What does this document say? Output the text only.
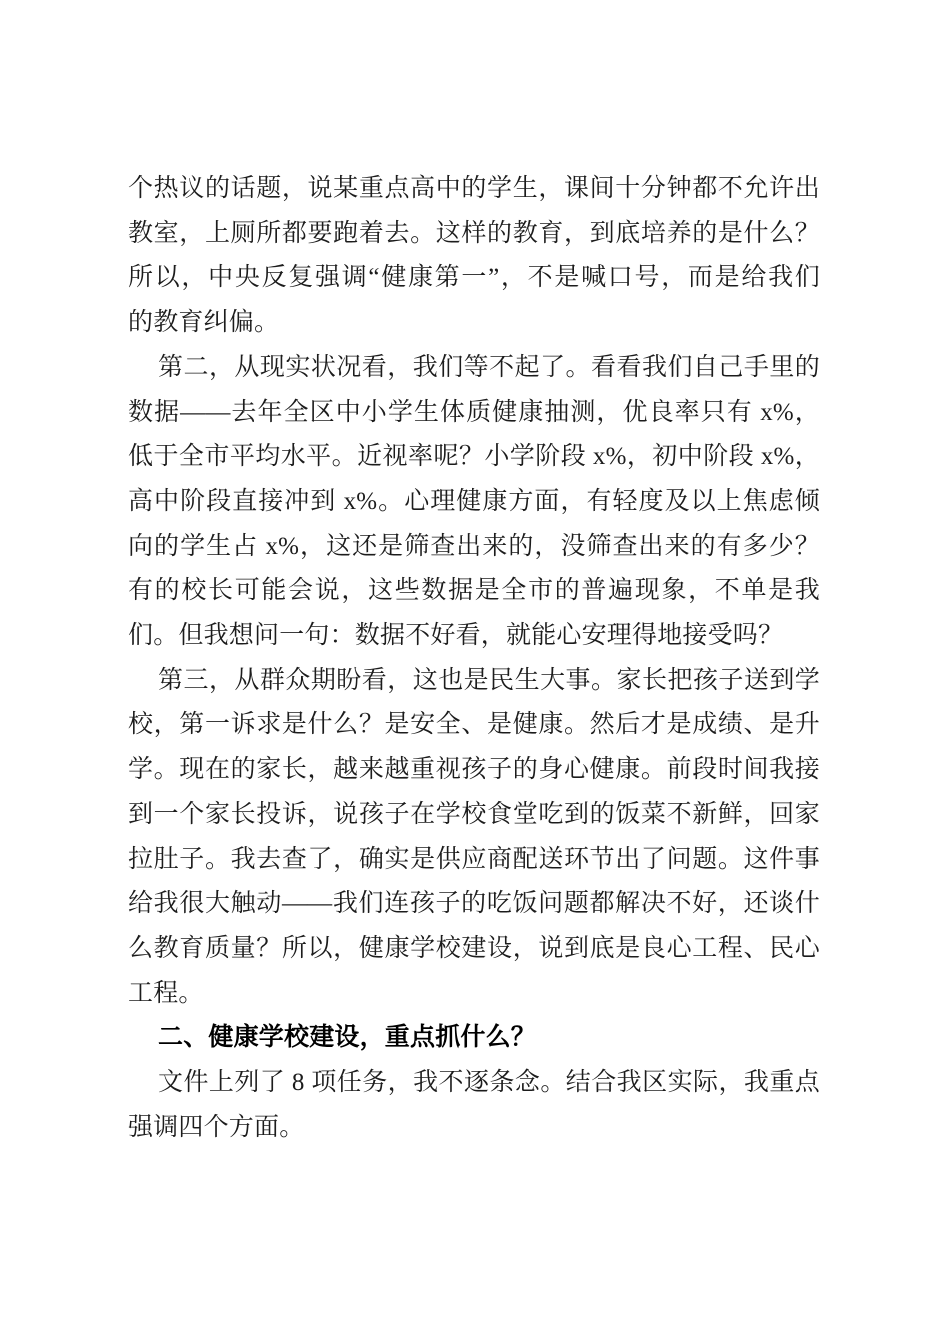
个热议的话题，说某重点高中的学生，课间十分钟都不允许出
教室，上厕所都要跑着去。这样的教育，到底培养的是什么？
所以，中央反复强调“健康第一”，不是喊口号，而是给我们
的教育纠偏。
第二，从现实状况看，我们等不起了。看看我们自己手里的
数据——去年全区中小学生体质健康抽测，优良率只有 x%，
低于全市平均水平。近视率呢？小学阶段 x%，初中阶段 x%，
高中阶段直接冲到 x%。心理健康方面，有轻度及以上焦虑倾
向的学生占 x%，这还是筛查出来的，没筛查出来的有多少？
有的校长可能会说，这些数据是全市的普遍现象，不单是我
们。但我想问一句：数据不好看，就能心安理得地接受吗？
第三，从群众期盼看，这也是民生大事。家长把孩子送到学
校，第一诉求是什么？是安全、是健康。然后才是成绩、是升
学。现在的家长，越来越重视孩子的身心健康。前段时间我接
到一个家长投诉，说孩子在学校食堂吃到的饭菜不新鲜，回家
拉肚子。我去查了，确实是供应商配送环节出了问题。这件事
给我很大触动——我们连孩子的吃饭问题都解决不好，还谈什
么教育质量？所以，健康学校建设，说到底是良心工程、民心
工程。
二、健康学校建设，重点抓什么？
文件上列了 8 项任务，我不逐条念。结合我区实际，我重点
强调四个方面。
